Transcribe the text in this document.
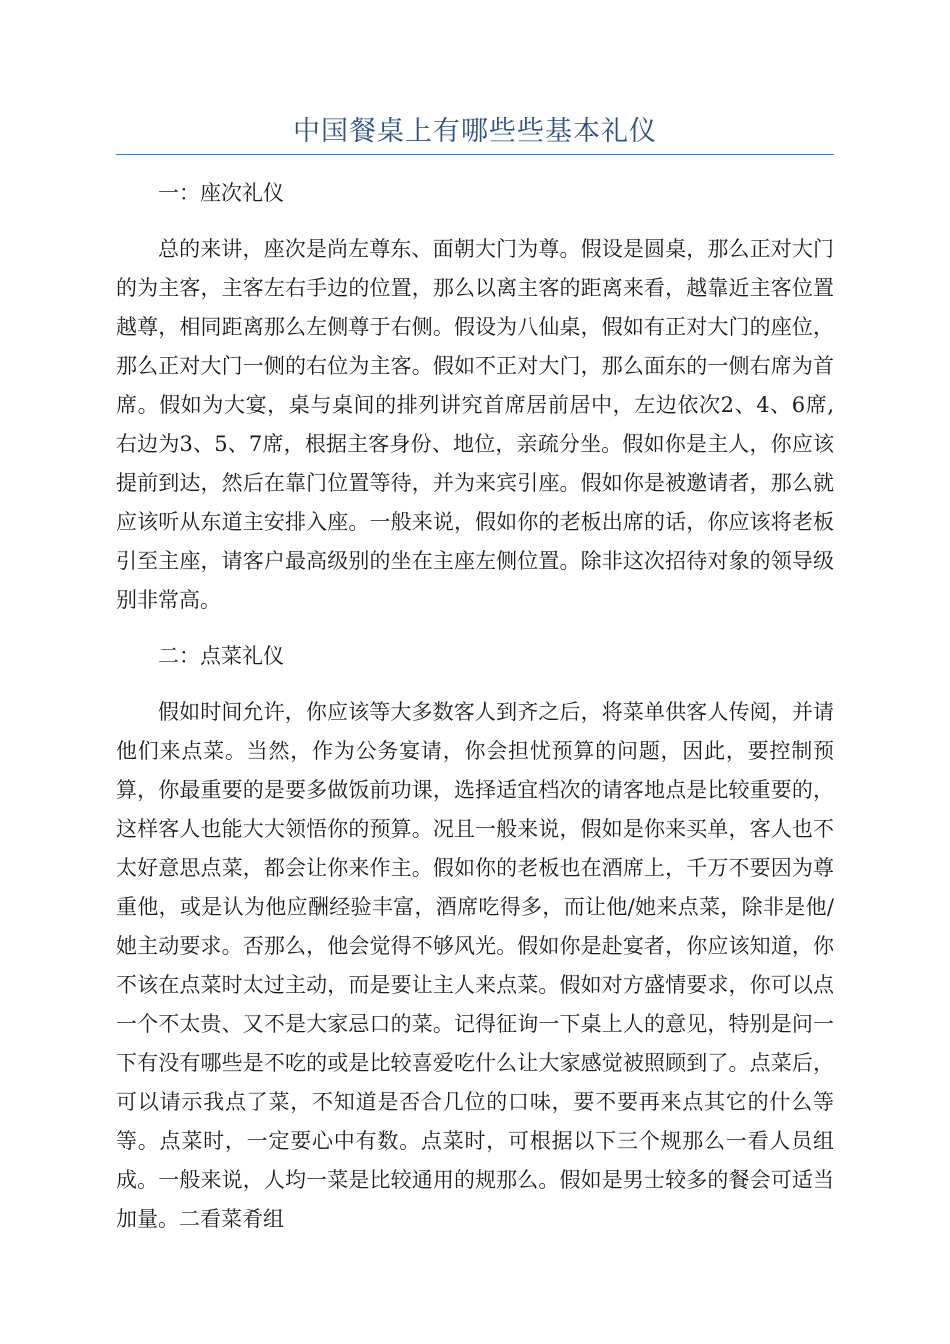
中国餐桌上有哪些些基本礼仪

一：座次礼仪

总的来讲，座次是尚左尊东、面朝大门为尊。假设是圆桌，那么正对大门的为主客，主客左右手边的位置，那么以离主客的距离来看，越靠近主客位置越尊，相同距离那么左侧尊于右侧。假设为八仙桌，假如有正对大门的座位，那么正对大门一侧的右位为主客。假如不正对大门，那么面东的一侧右席为首席。假如为大宴，桌与桌间的排列讲究首席居前居中，左边依次2、4、6席,右边为3、5、7席，根据主客身份、地位，亲疏分坐。假如你是主人，你应该提前到达，然后在靠门位置等待，并为来宾引座。假如你是被邀请者，那么就应该听从东道主安排入座。一般来说，假如你的老板出席的话，你应该将老板引至主座，请客户最高级别的坐在主座左侧位置。除非这次招待对象的领导级别非常高。

二：点菜礼仪

假如时间允许，你应该等大多数客人到齐之后，将菜单供客人传阅，并请他们来点菜。当然，作为公务宴请，你会担忧预算的问题，因此，要控制预算，你最重要的是要多做饭前功课，选择适宜档次的请客地点是比较重要的，这样客人也能大大领悟你的预算。况且一般来说，假如是你来买单，客人也不太好意思点菜，都会让你来作主。假如你的老板也在酒席上，千万不要因为尊重他，或是认为他应酬经验丰富，酒席吃得多，而让他/她来点菜，除非是他/她主动要求。否那么，他会觉得不够风光。假如你是赴宴者，你应该知道，你不该在点菜时太过主动，而是要让主人来点菜。假如对方盛情要求，你可以点一个不太贵、又不是大家忌口的菜。记得征询一下桌上人的意见，特别是问一下有没有哪些是不吃的或是比较喜爱吃什么让大家感觉被照顾到了。点菜后，可以请示我点了菜，不知道是否合几位的口味，要不要再来点其它的什么等等。点菜时，一定要心中有数。点菜时，可根据以下三个规那么一看人员组成。一般来说，人均一菜是比较通用的规那么。假如是男士较多的餐会可适当加量。二看菜肴组
